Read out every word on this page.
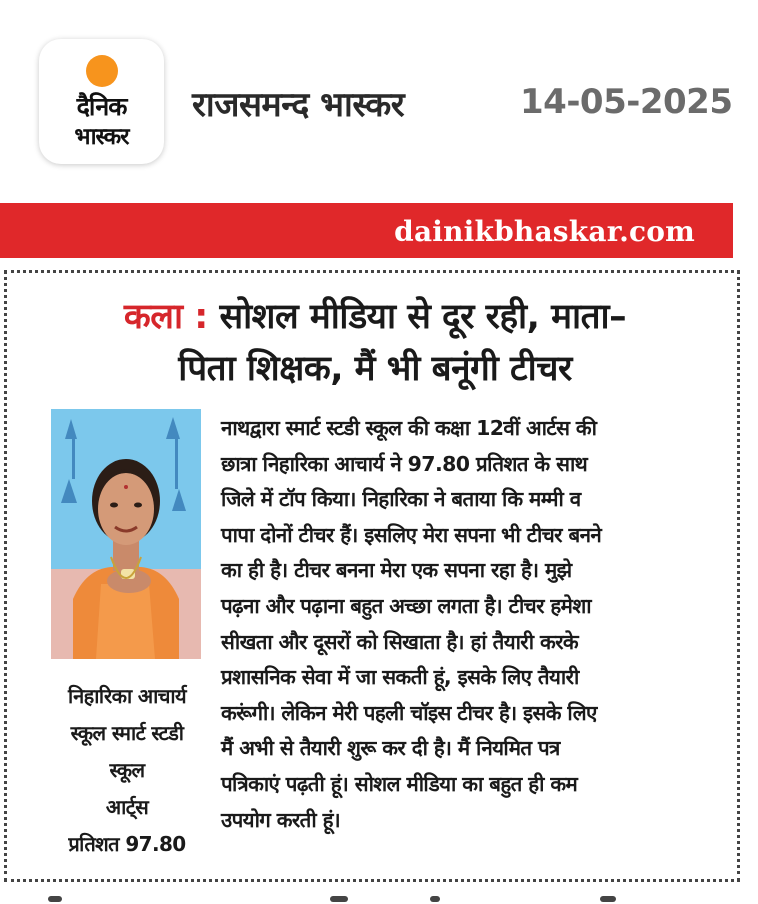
दैनिक
भास्कर
राजसमन्द भास्कर	14-05-2025
dainikbhaskar.com
कला : सोशल मीडिया से दूर रही, माता–
पिता शिक्षक, मैं भी बनूंगी टीचर
निहारिका आचार्य
स्कूल स्मार्ट स्टडी
स्कूल
आर्ट्स
प्रतिशत 97.80
नाथद्वारा स्मार्ट स्टडी स्कूल की कक्षा 12वीं आर्टस की
छात्रा निहारिका आचार्य ने 97.80 प्रतिशत के साथ
जिले में टॉप किया। निहारिका ने बताया कि मम्मी व
पापा दोनों टीचर हैं। इसलिए मेरा सपना भी टीचर बनने
का ही है। टीचर बनना मेरा एक सपना रहा है। मुझे
पढ़ना और पढ़ाना बहुत अच्छा लगता है। टीचर हमेशा
सीखता और दूसरों को सिखाता है। हां तैयारी करके
प्रशासनिक सेवा में जा सकती हूं, इसके लिए तैयारी
करूंगी। लेकिन मेरी पहली चॉइस टीचर है। इसके लिए
मैं अभी से तैयारी शुरू कर दी है। मैं नियमित पत्र
पत्रिकाएं पढ़ती हूं। सोशल मीडिया का बहुत ही कम
उपयोग करती हूं।
